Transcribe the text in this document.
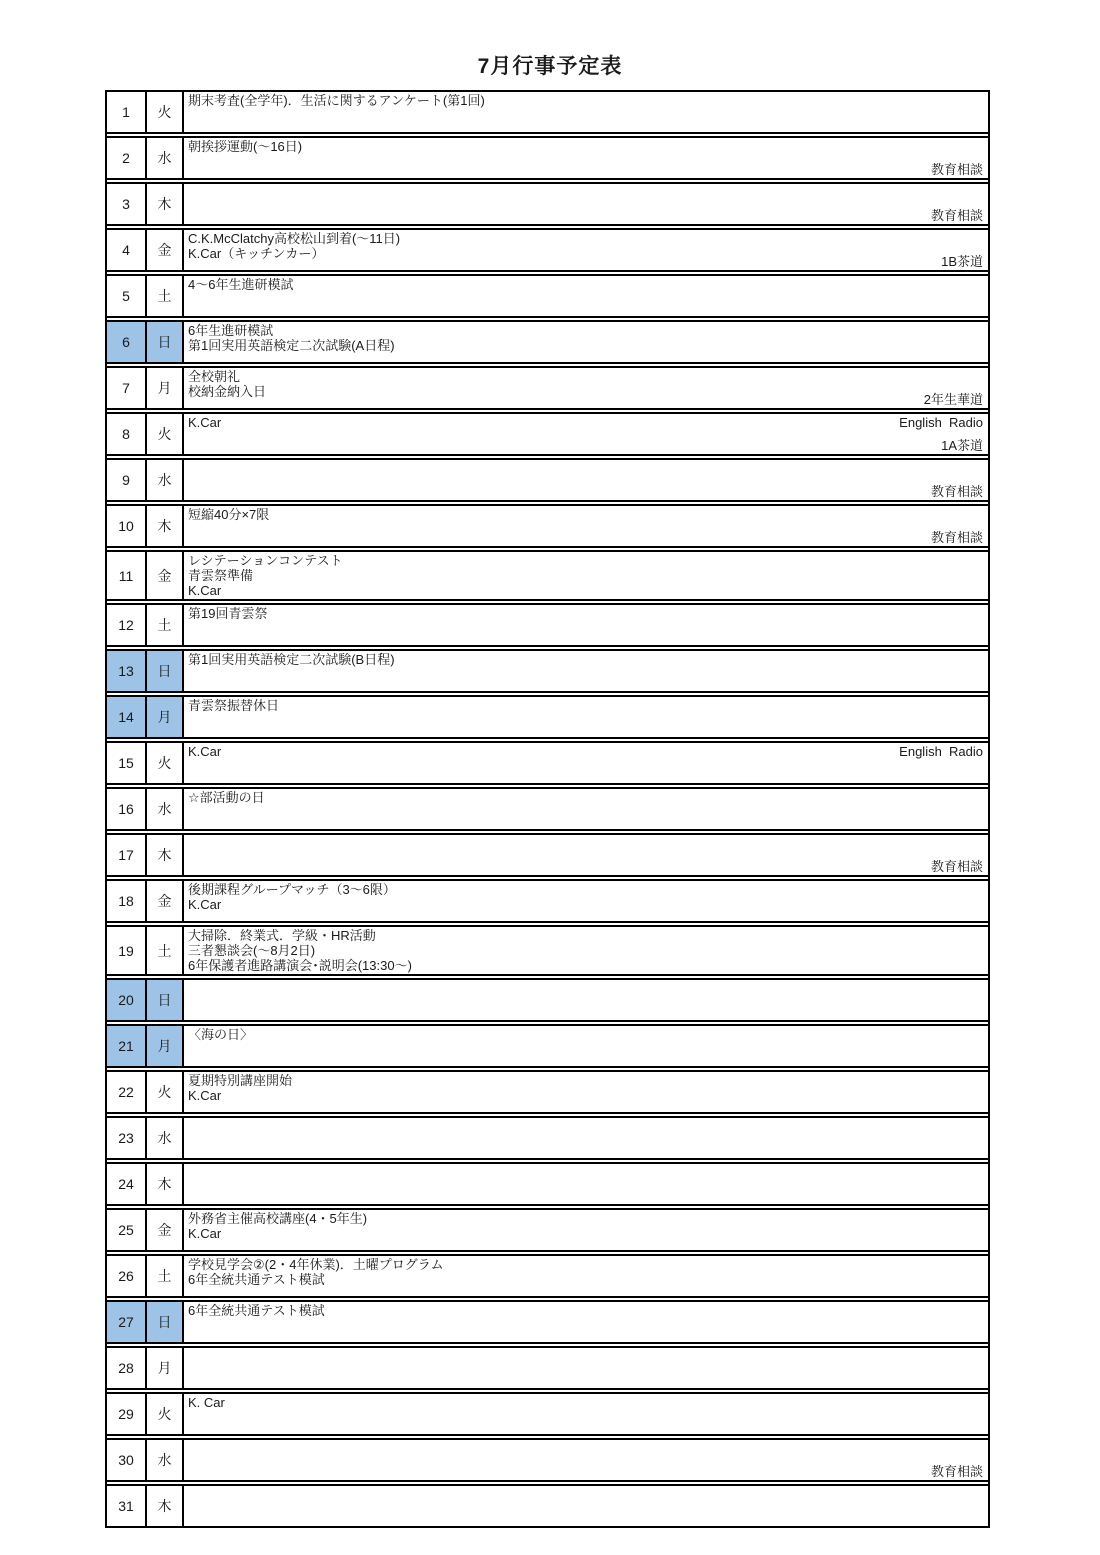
7月行事予定表
1	火
期末考査(全学年)．生活に関するアンケート(第1回)
2	水
朝挨拶運動(～16日)
教育相談
3	木
教育相談
4	金
C.K.McClatchy高校松山到着(～11日)
K.Car（キッチンカー）
1B茶道
5	土
4～6年生進研模試
6	日
6年生進研模試
第1回実用英語検定二次試験(A日程)
7	月
全校朝礼
校納金納入日
2年生華道
8	火
K.Car	English  Radio
1A茶道
9	水
教育相談
10	木
短縮40分×7限
教育相談
11	金
レシテーションコンテスト
青雲祭準備
K.Car
12	土
第19回青雲祭
13	日
第1回実用英語検定二次試験(B日程)
14	月
青雲祭振替休日
15	火
K.Car	English  Radio
16	水
☆部活動の日
17	木
教育相談
18	金
後期課程グループマッチ（3～6限）
K.Car
19	土
大掃除．終業式．学級・HR活動
三者懇談会(～8月2日)
6年保護者進路講演会･説明会(13:30～)
20	日
21	月
〈海の日〉
22	火
夏期特別講座開始
K.Car
23	水
24	木
25	金
外務省主催高校講座(4・5年生)
K.Car
26	土
学校見学会②(2・4年休業)．土曜プログラム
6年全統共通テスト模試
27	日
6年全統共通テスト模試
28	月
29	火
K. Car
30	水
教育相談
31	木
